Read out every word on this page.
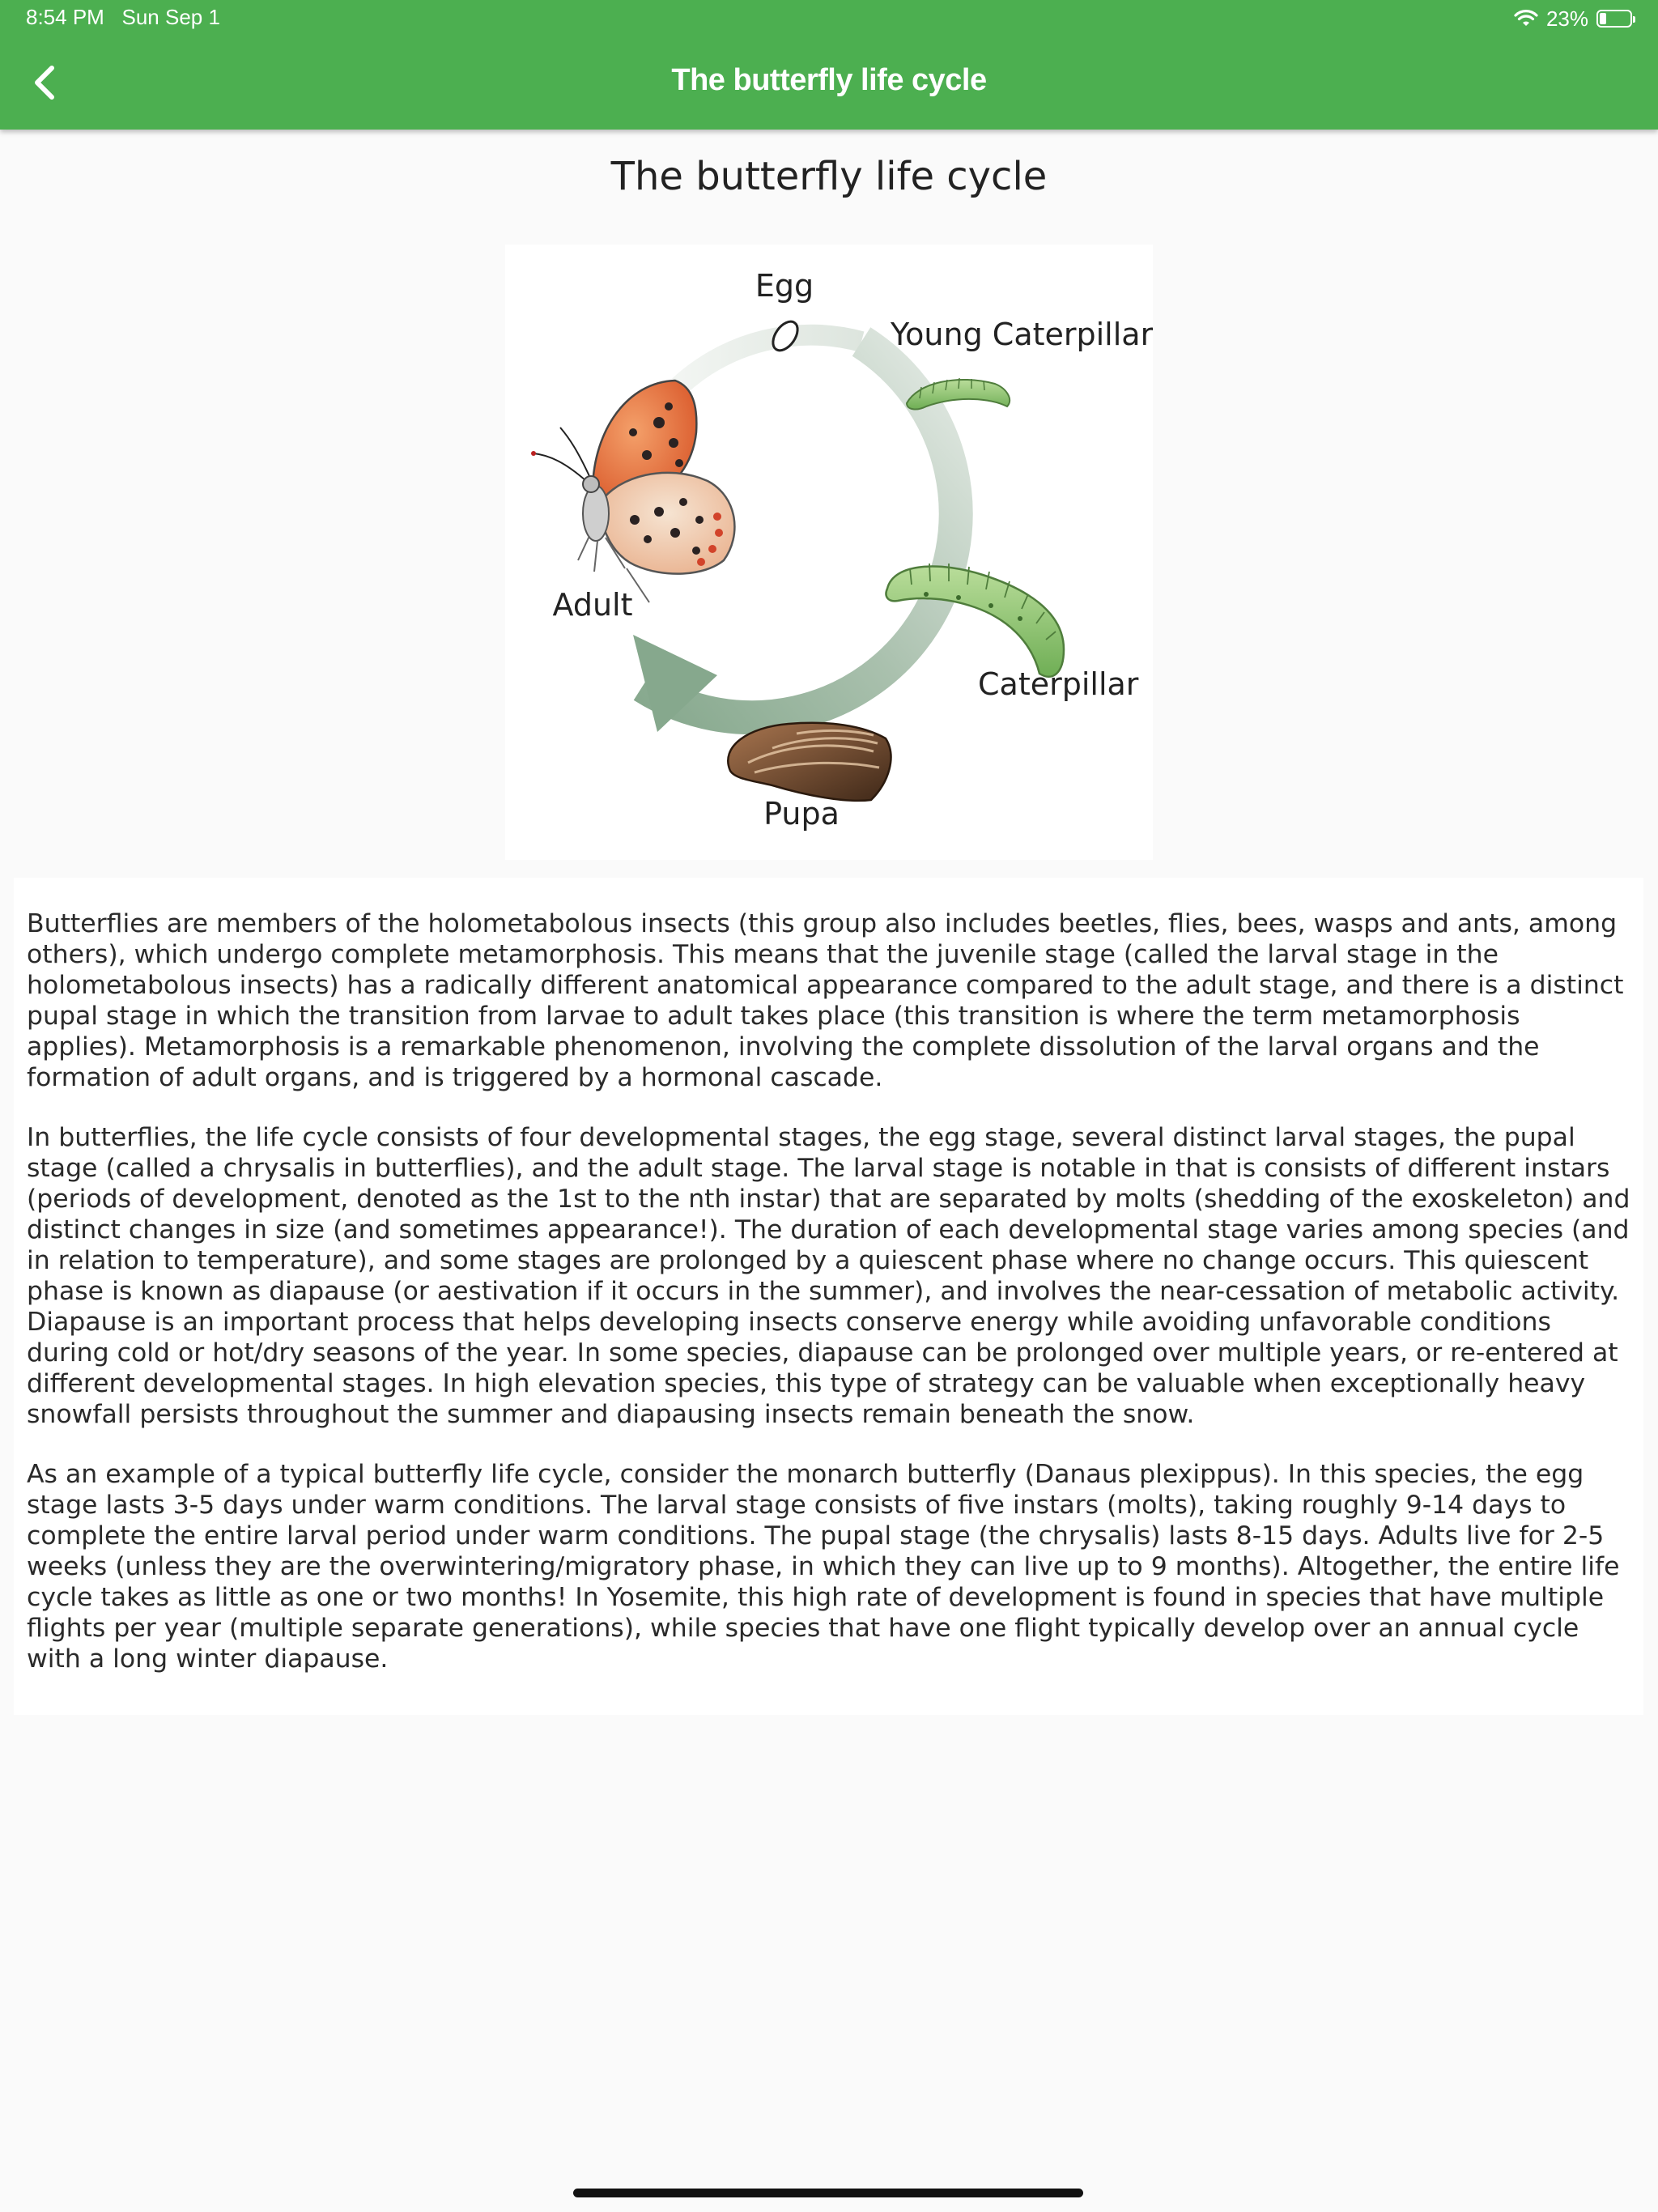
8:54 PM Sun Sep 1	23%
The butterfly life cycle
The butterfly life cycle
Egg
Young Caterpillar
Caterpillar
Pupa
Adult

Butterflies are members of the holometabolous insects (this group also includes beetles, flies, bees, wasps and ants, among others), which undergo complete metamorphosis. This means that the juvenile stage (called the larval stage in the holometabolous insects) has a radically different anatomical appearance compared to the adult stage, and there is a distinct pupal stage in which the transition from larvae to adult takes place (this transition is where the term metamorphosis applies). Metamorphosis is a remarkable phenomenon, involving the complete dissolution of the larval organs and the formation of adult organs, and is triggered by a hormonal cascade.

In butterflies, the life cycle consists of four developmental stages, the egg stage, several distinct larval stages, the pupal stage (called a chrysalis in butterflies), and the adult stage. The larval stage is notable in that is consists of different instars (periods of development, denoted as the 1st to the nth instar) that are separated by molts (shedding of the exoskeleton) and distinct changes in size (and sometimes appearance!). The duration of each developmental stage varies among species (and in relation to temperature), and some stages are prolonged by a quiescent phase where no change occurs. This quiescent phase is known as diapause (or aestivation if it occurs in the summer), and involves the near-cessation of metabolic activity. Diapause is an important process that helps developing insects conserve energy while avoiding unfavorable conditions during cold or hot/dry seasons of the year. In some species, diapause can be prolonged over multiple years, or re-entered at different developmental stages. In high elevation species, this type of strategy can be valuable when exceptionally heavy snowfall persists throughout the summer and diapausing insects remain beneath the snow.

As an example of a typical butterfly life cycle, consider the monarch butterfly (Danaus plexippus). In this species, the egg stage lasts 3-5 days under warm conditions. The larval stage consists of five instars (molts), taking roughly 9-14 days to complete the entire larval period under warm conditions. The pupal stage (the chrysalis) lasts 8-15 days. Adults live for 2-5 weeks (unless they are the overwintering/migratory phase, in which they can live up to 9 months). Altogether, the entire life cycle takes as little as one or two months! In Yosemite, this high rate of development is found in species that have multiple flights per year (multiple separate generations), while species that have one flight typically develop over an annual cycle with a long winter diapause.
